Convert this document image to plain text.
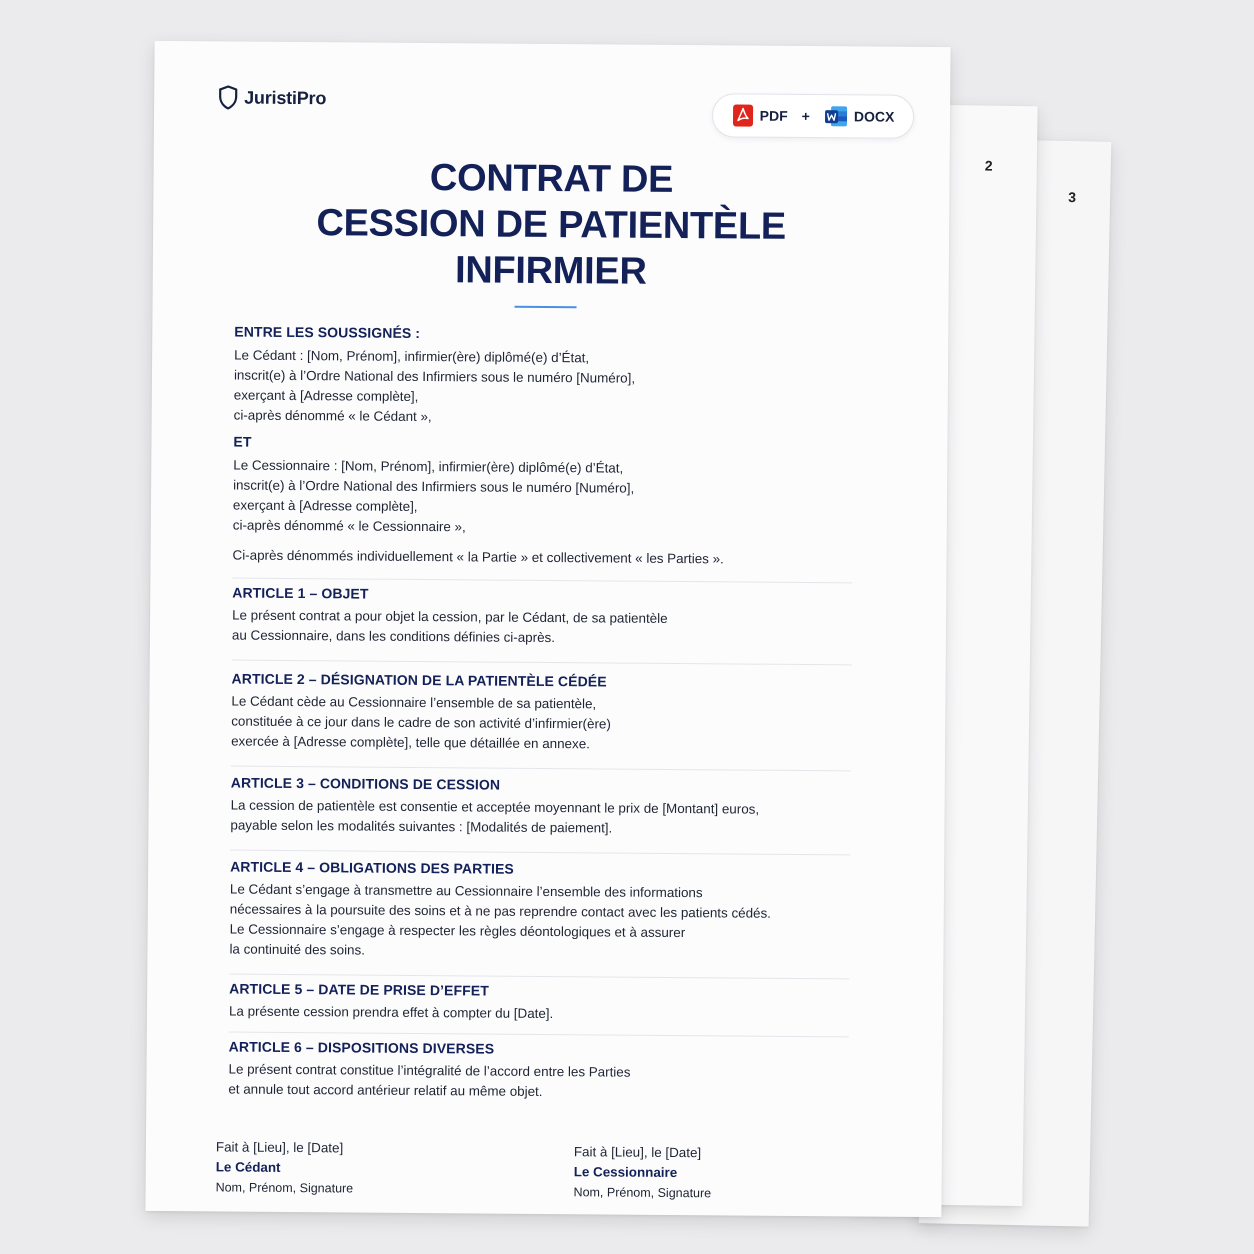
3
2
JuristiPro
PDF +	DOCX
CONTRAT DE
CESSION DE PATIENTÈLE
INFIRMIER
ENTRE LES SOUSSIGNÉS :
Le Cédant : [Nom, Prénom], infirmier(ère) diplômé(e) d’État,
inscrit(e) à l’Ordre National des Infirmiers sous le numéro [Numéro],
exerçant à [Adresse complète],
ci-après dénommé « le Cédant »,
ET
Le Cessionnaire : [Nom, Prénom], infirmier(ère) diplômé(e) d’État,
inscrit(e) à l’Ordre National des Infirmiers sous le numéro [Numéro],
exerçant à [Adresse complète],
ci-après dénommé « le Cessionnaire »,
Ci-après dénommés individuellement « la Partie » et collectivement « les Parties ».
ARTICLE 1 – OBJET
Le présent contrat a pour objet la cession, par le Cédant, de sa patientèle
au Cessionnaire, dans les conditions définies ci-après.
ARTICLE 2 – DÉSIGNATION DE LA PATIENTÈLE CÉDÉE
Le Cédant cède au Cessionnaire l’ensemble de sa patientèle,
constituée à ce jour dans le cadre de son activité d’infirmier(ère)
exercée à [Adresse complète], telle que détaillée en annexe.
ARTICLE 3 – CONDITIONS DE CESSION
La cession de patientèle est consentie et acceptée moyennant le prix de [Montant] euros,
payable selon les modalités suivantes : [Modalités de paiement].
ARTICLE 4 – OBLIGATIONS DES PARTIES
Le Cédant s’engage à transmettre au Cessionnaire l’ensemble des informations
nécessaires à la poursuite des soins et à ne pas reprendre contact avec les patients cédés.
Le Cessionnaire s’engage à respecter les règles déontologiques et à assurer
la continuité des soins.
ARTICLE 5 – DATE DE PRISE D’EFFET
La présente cession prendra effet à compter du [Date].
ARTICLE 6 – DISPOSITIONS DIVERSES
Le présent contrat constitue l’intégralité de l’accord entre les Parties
et annule tout accord antérieur relatif au même objet.
Fait à [Lieu], le [Date]
Le Cédant
Nom, Prénom, Signature
Fait à [Lieu], le [Date]
Le Cessionnaire
Nom, Prénom, Signature
